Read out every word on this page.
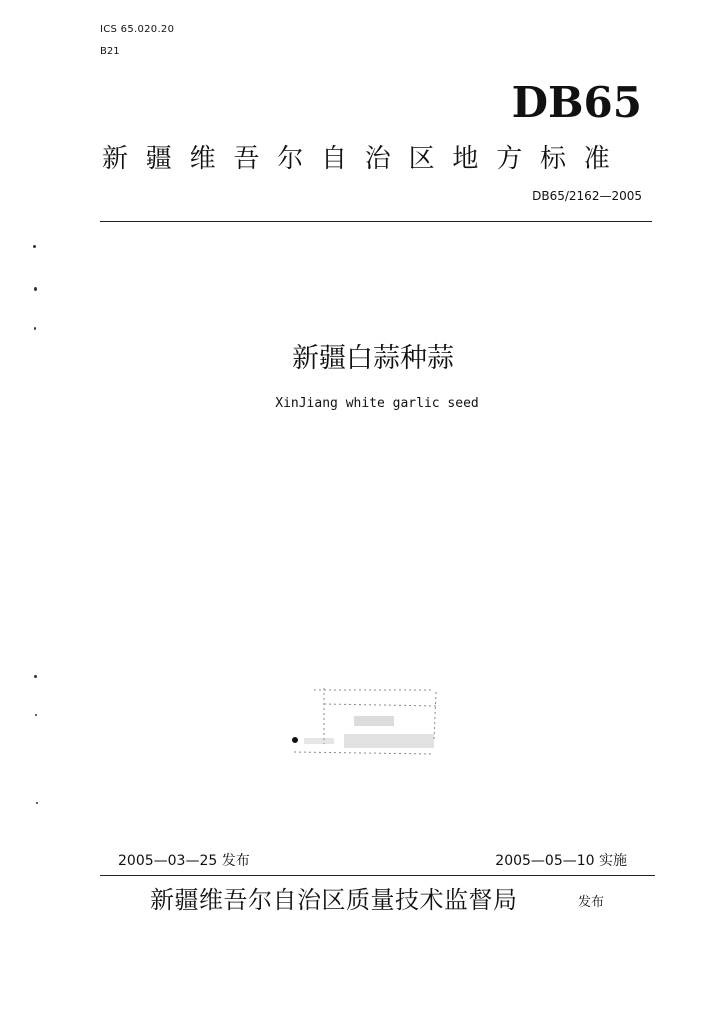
ICS 65.020.20
B21
DB65
新疆维吾尔自治区地方标准
DB65/2162—2005
新疆白蒜种蒜
XinJiang white garlic seed
2005—03—25 发布	2005—05—10 实施
新疆维吾尔自治区质量技术监督局	发布
